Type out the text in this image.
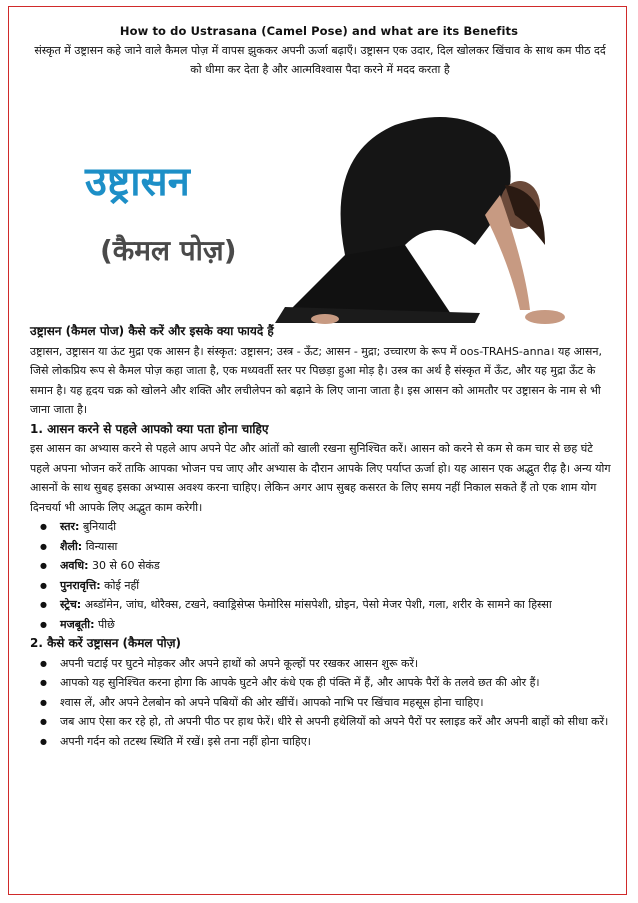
How to do Ustrasana (Camel Pose) and what are its Benefits
संस्कृत में उष्ट्रासन कहे जाने वाले कैमल पोज़ में वापस झुककर अपनी ऊर्जा बढ़ाएँ। उष्ट्रासन एक उदार, दिल खोलकर खिंचाव के साथ कम पीठ दर्द को धीमा कर देता है और आत्मविश्वास पैदा करने में मदद करता है
उष्ट्रासन
(कैमल पोज़)

उष्ट्रासन (कैमल पोज) कैसे करें और इसके क्या फायदे हैं

उष्ट्रासन, उष्ट्रासन या ऊंट मुद्रा एक आसन है। संस्कृत: उष्ट्रासन; उस्त्र - ऊँट; आसन - मुद्रा; उच्चारण के रूप में oos-TRAHS-anna। यह आसन, जिसे लोकप्रिय रूप से कैमल पोज़ कहा जाता है, एक मध्यवर्ती स्तर पर पिछड़ा हुआ मोड़ है। उस्त्र का अर्थ है संस्कृत में ऊँट, और यह मुद्रा ऊँट के समान है। यह हृदय चक्र को खोलने और शक्ति और लचीलेपन को बढ़ाने के लिए जाना जाता है। इस आसन को आमतौर पर उष्ट्रासन के नाम से भी जाना जाता है।

1. आसन करने से पहले आपको क्या पता होना चाहिए

इस आसन का अभ्यास करने से पहले आप अपने पेट और आंतों को खाली रखना सुनिश्चित करें। आसन को करने से कम से कम चार से छह घंटे पहले अपना भोजन करें ताकि आपका भोजन पच जाए और अभ्यास के दौरान आपके लिए पर्याप्त ऊर्जा हो। यह आसन एक अद्भुत रीढ़ है। अन्य योग आसनों के साथ सुबह इसका अभ्यास अवश्य करना चाहिए। लेकिन अगर आप सुबह कसरत के लिए समय नहीं निकाल सकते हैं तो एक शाम योग दिनचर्या भी आपके लिए अद्भुत काम करेगी।

● स्तर: बुनियादी
● शैली: विन्यासा
● अवधि: 30 से 60 सेकंड
● पुनरावृत्ति: कोई नहीं
● स्ट्रेच: अब्डॉमेन, जांघ, थोरैक्स, टखने, क्वाड्रिसेप्स फेमोरिस मांसपेशी, ग्रोइन, पेसो मेजर पेशी, गला, शरीर के सामने का हिस्सा
● मजबूती: पीछे

2. कैसे करें उष्ट्रासन (कैमल पोज़)

● अपनी चटाई पर घुटने मोड़कर और अपने हाथों को अपने कूल्हों पर रखकर आसन शुरू करें।
● आपको यह सुनिश्चित करना होगा कि आपके घुटने और कंधे एक ही पंक्ति में हैं, और आपके पैरों के तलवे छत की ओर हैं।
● श्वास लें, और अपने टेलबोन को अपने पबियों की ओर खींचें। आपको नाभि पर खिंचाव महसूस होना चाहिए।
● जब आप ऐसा कर रहे हो, तो अपनी पीठ पर हाथ फेरें। धीरे से अपनी हथेलियों को अपने पैरों पर स्लाइड करें और अपनी बाहों को सीधा करें।
● अपनी गर्दन को तटस्थ स्थिति में रखें। इसे तना नहीं होना चाहिए।
